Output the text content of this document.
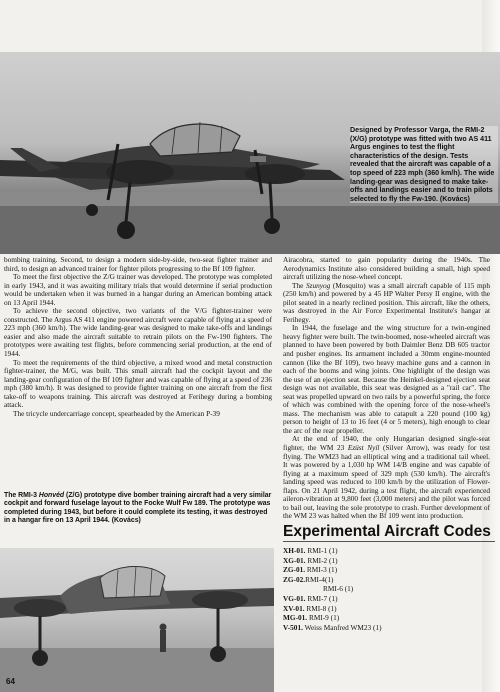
Designed by Professor Varga, the RMI-2 (X/G) prototype was fitted with two AS 411 Argus engines to test the flight characteristics of the design. Tests revealed that the aircraft was capable of a top speed of 223 mph (360 km/h). The wide landing-gear was designed to make take-offs and landings easier and to train pilots selected to fly the Fw-190. (Kovács)

bombing training. Second, to design a modern side-by-side, two-seat fighter trainer and third, to design an advanced trainer for fighter pilots progressing to the Bf 109 fighter.

To meet the first objective the Z/G trainer was developed. The prototype was completed in early 1943, and it was awaiting military trials that would determine if serial production would be undertaken when it was burned in a hangar during an American bombing attack on 13 April 1944.

To achieve the second objective, two variants of the V/G fighter-trainer were constructed. The Argus AS 411 engine powered aircraft were capable of flying at a speed of 223 mph (360 km/h). The wide landing-gear was designed to make take-offs and landings easier and also made the aircraft suitable to retrain pilots on the Fw-190 fighters. The prototypes were awaiting test flights, before commencing serial production, at the end of 1944.

To meet the requirements of the third objective, a mixed wood and metal construction fighter-trainer, the M/G, was built. This small aircraft had the cockpit layout and the landing-gear configuration of the Bf 109 fighter and was capable of flying at a speed of 236 mph (380 km/h). It was designed to provide fighter training on one aircraft from the first take-off to weapons training. This aircraft was destroyed at Ferihegy during a bombing attack.

The tricycle undercarriage concept, spearheaded by the American P-39

The RMI-3 Honvéd (Z/G) prototype dive bomber training aircraft had a very similar cockpit and forward fuselage layout to the Focke Wulf Fw 189. The prototype was completed during 1943, but before it could complete its testing, it was destroyed in a hangar fire on 13 April 1944. (Kovács)
64

Airacobra, started to gain popularity during the 1940s. The Aerodynamics Institute also considered building a small, high speed aircraft utilizing the nose-wheel concept.

The Szunyog (Mosquito) was a small aircraft capable of 115 mph (250 km/h) and powered by a 45 HP Walter Persy II engine, with the pilot seated in a nearly reclined position. This aircraft, like the others, was destroyed in the Air Force Experimental Institute's hangar at Ferihegy.

In 1944, the fuselage and the wing structure for a twin-engined heavy fighter were built. The twin-boomed, nose-wheeled aircraft was planned to have been powered by both Daimler Benz DB 605 tractor and pusher engines. Its armament included a 30mm engine-mounted cannon (like the Bf 109), two heavy machine guns and a cannon in each of the booms and wing joints. One highlight of the design was the use of an ejection seat. Because the Heinkel-designed ejection seat design was not available, this seat was designed as a "rail car". The seat was propelled upward on two rails by a powerful spring, the force of which was combined with the opening force of the nose-wheel's mass. The mechanism was able to catapult a 220 pound (100 kg) person to height of 13 to 16 feet (4 or 5 meters), high enough to clear the arc of the rear propeller.

At the end of 1940, the only Hungarian designed single-seat fighter, the WM 23 Ezüst Nyíl (Silver Arrow), was ready for test flying. The WM23 had an elliptical wing and a traditional tail wheel. It was powered by a 1,030 hp WM 14/B engine and was capable of flying at a maximum speed of 329 mph (530 km/h). The aircraft's landing speed was reduced to 100 km/h by the utilization of Flower-flaps. On 21 April 1942, during a test flight, the aircraft experienced aileron-vibration at 9,800 feet (3,000 meters) and the pilot was forced to bail out, leaving the sole prototype to crash. Further development of the WM 23 was halted when the Bf 109 went into production.

Experimental Aircraft Codes
XH-01. RMI-1 (1)
XG-01. RMI-2 (1)
ZG-01. RMI-3 (1)
ZG-02.RMI-4(1)
RMI-6 (1)
VG-01. RMI-7 (1)
XV-01. RMI-8 (1)
MG-01. RMI-9 (1)
V-501. Weiss Manfred WM23 (1)
